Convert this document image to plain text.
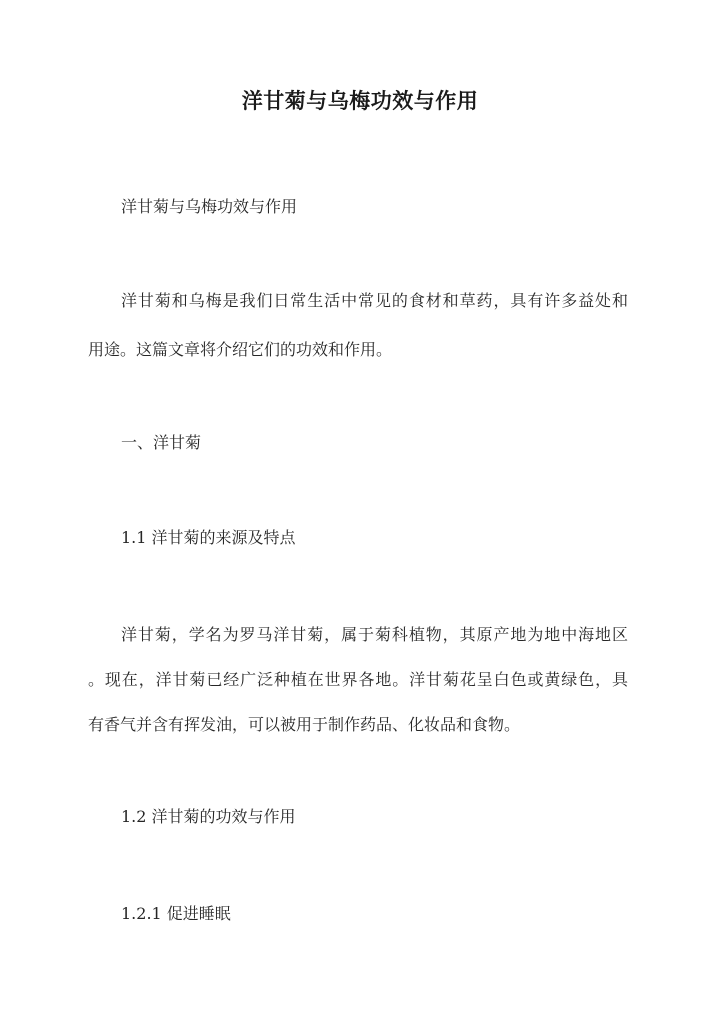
洋甘菊与乌梅功效与作用
洋甘菊与乌梅功效与作用
洋甘菊和乌梅是我们日常生活中常见的食材和草药，具有许多益处和
用途。这篇文章将介绍它们的功效和作用。
一、洋甘菊
1.1 洋甘菊的来源及特点
洋甘菊，学名为罗马洋甘菊，属于菊科植物，其原产地为地中海地区
。现在，洋甘菊已经广泛种植在世界各地。洋甘菊花呈白色或黄绿色，具
有香气并含有挥发油，可以被用于制作药品、化妆品和食物。
1.2 洋甘菊的功效与作用
1.2.1 促进睡眠
